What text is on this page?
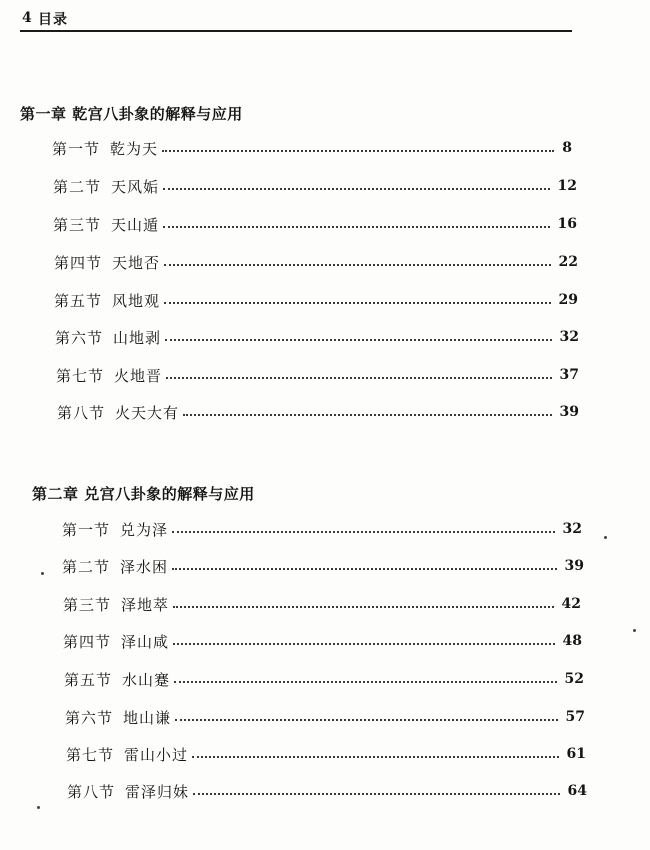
4 目录
第一章 乾宫八卦象的解释与应用
第一节 乾为天	8
第二节 天风姤	12
第三节 天山遁	16
第四节 天地否	22
第五节 风地观	29
第六节 山地剥	32
第七节 火地晋	37
第八节 火天大有	39
第二章 兑宫八卦象的解释与应用
第一节 兑为泽	32
第二节 泽水困	39
第三节 泽地萃	42
第四节 泽山咸	48
第五节 水山蹇	52
第六节 地山谦	57
第七节 雷山小过	61
第八节 雷泽归妹	64
